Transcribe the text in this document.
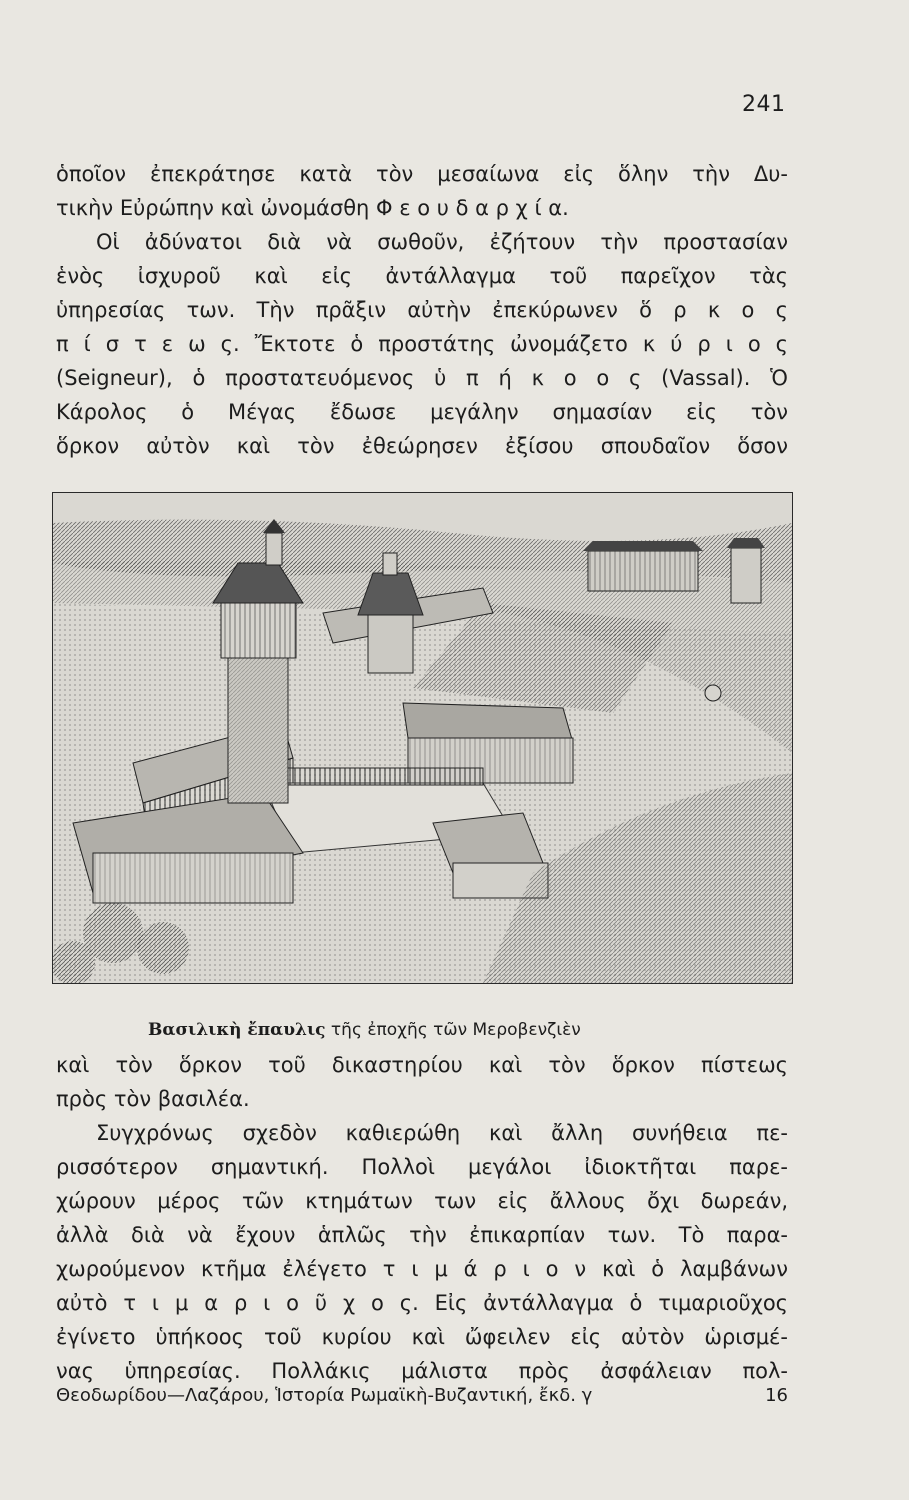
241
ὁποῖον ἐπεκράτησε κατὰ τὸν μεσαίωνα εἰς ὅλην τὴν Δυ-
τικὴν Εὐρώπην καὶ ὠνομάσθη Φ ε ο υ δ α ρ χ ί α.
Οἱ ἀδύνατοι διὰ νὰ σωθοῦν, ἐζήτουν τὴν προστασίαν
ἑνὸς ἰσχυροῦ καὶ εἰς ἀντάλλαγμα τοῦ παρεῖχον τὰς
ὑπηρεσίας των. Τὴν πρᾶξιν αὐτὴν ἐπεκύρωνεν ὅ ρ κ ο ς
π ί σ τ ε ω ς. Ἔκτοτε ὁ προστάτης ὠνομάζετο κ ύ ρ ι ο ς
(Seigneur), ὁ προστατευόμενος ὑ π ή κ ο ο ς (Vassal). Ὁ
Κάρολος ὁ Μέγας ἔδωσε μεγάλην σημασίαν εἰς τὸν
ὅρκον αὐτὸν καὶ τὸν ἐθεώρησεν ἐξίσου σπουδαῖον ὅσον
Βασιλικὴ ἔπαυλις τῆς ἐποχῆς τῶν Μεροβενζιὲν
καὶ τὸν ὅρκον τοῦ δικαστηρίου καὶ τὸν ὅρκον πίστεως
πρὸς τὸν βασιλέα.
Συγχρόνως σχεδὸν καθιερώθη καὶ ἄλλη συνήθεια πε-
ρισσότερον σημαντική. Πολλοὶ μεγάλοι ἰδιοκτῆται παρε-
χώρουν μέρος τῶν κτημάτων των εἰς ἄλλους ὄχι δωρεάν,
ἀλλὰ διὰ νὰ ἔχουν ἁπλῶς τὴν ἐπικαρπίαν των. Τὸ παρα-
χωρούμενον κτῆμα ἐλέγετο τ ι μ ά ρ ι ο ν καὶ ὁ λαμβάνων
αὐτὸ τ ι μ α ρ ι ο ῦ χ ο ς. Εἰς ἀντάλλαγμα ὁ τιμαριοῦχος
ἐγίνετο ὑπήκοος τοῦ κυρίου καὶ ὤφειλεν εἰς αὐτὸν ὡρισμέ-
νας ὑπηρεσίας. Πολλάκις μάλιστα πρὸς ἀσφάλειαν πολ-
Θεοδωρίδου—Λαζάρου, Ἱστορία Ρωμαϊκὴ-Βυζαντική, ἔκδ. γ	16
